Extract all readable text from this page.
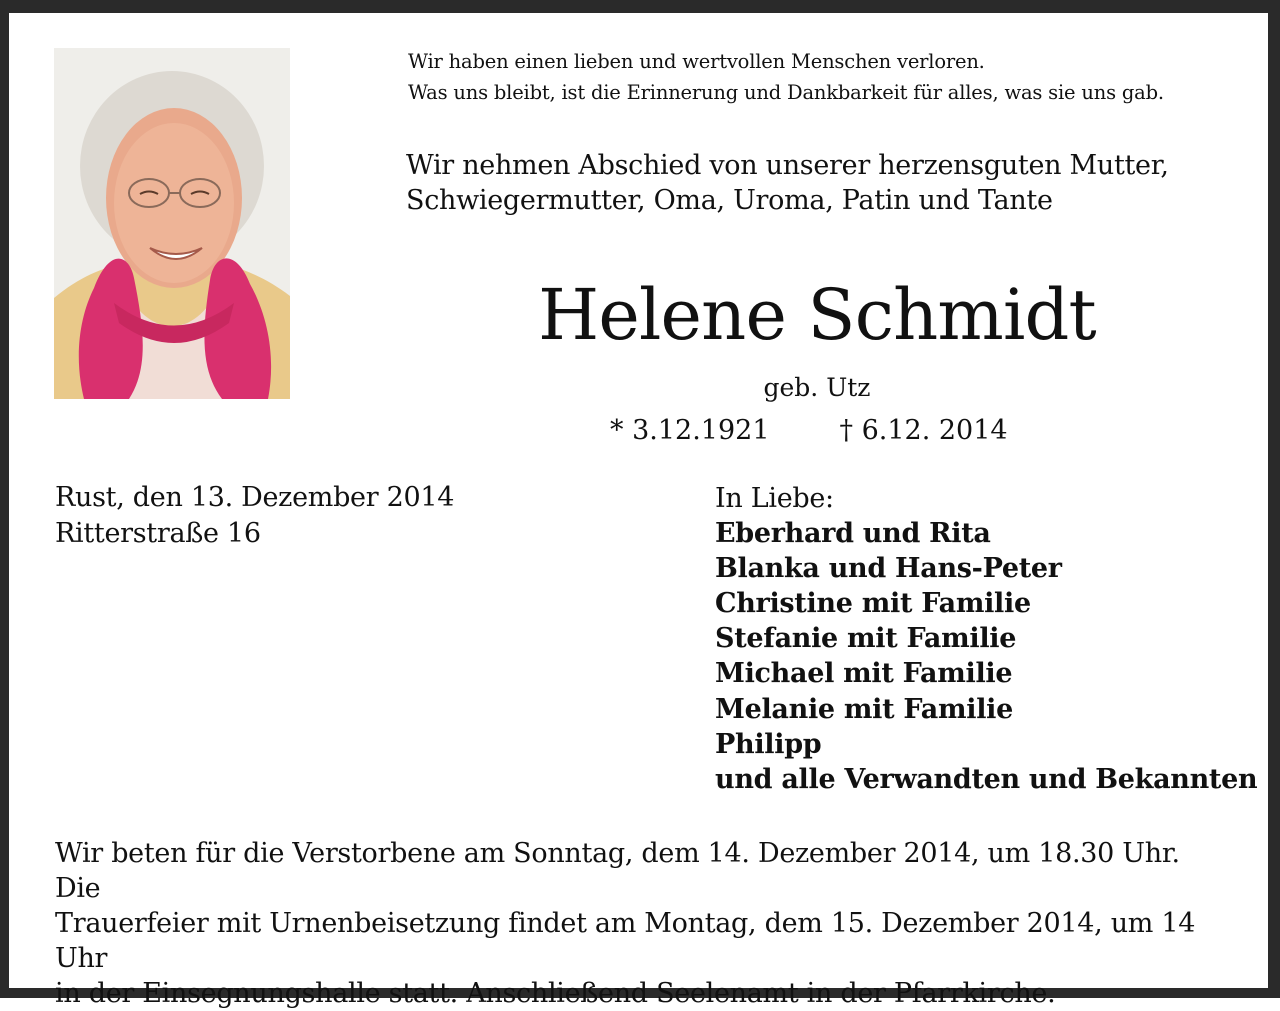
Wir haben einen lieben und wertvollen Menschen verloren.
Was uns bleibt, ist die Erinnerung und Dankbarkeit für alles, was sie uns gab.
Wir nehmen Abschied von unserer herzensguten Mutter,
Schwiegermutter, Oma, Uroma, Patin und Tante
Helene Schmidt
geb. Utz
* 3.12.1921	† 6.12. 2014
Rust, den 13. Dezember 2014
Ritterstraße 16
In Liebe:
Eberhard und Rita
Blanka und Hans-Peter
Christine mit Familie
Stefanie mit Familie
Michael mit Familie
Melanie mit Familie
Philipp
und alle Verwandten und Bekannten
Wir beten für die Verstorbene am Sonntag, dem 14. Dezember 2014, um 18.30 Uhr. Die
Trauerfeier mit Urnenbeisetzung findet am Montag, dem 15. Dezember 2014, um 14 Uhr
in der Einsegnungshalle statt. Anschließend Seelenamt in der Pfarrkirche.
